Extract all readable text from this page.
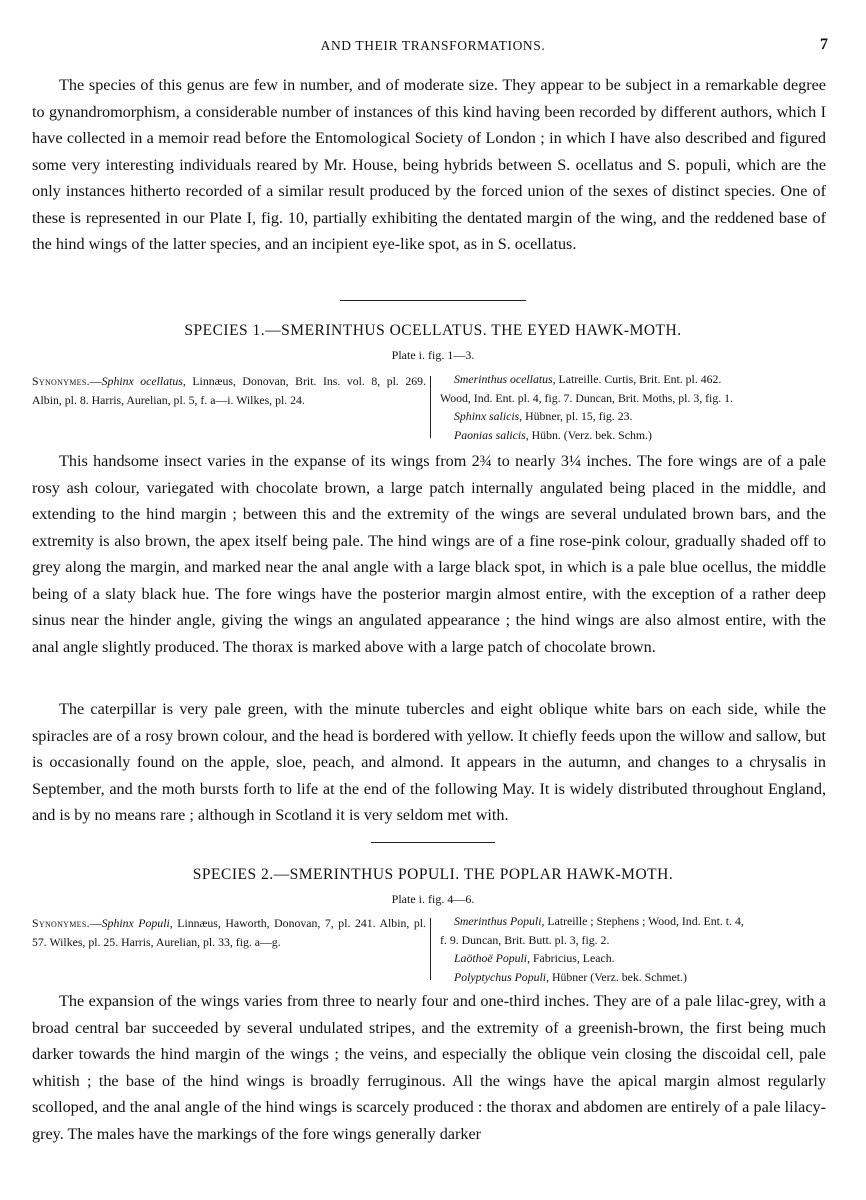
AND THEIR TRANSFORMATIONS.	7

The species of this genus are few in number, and of moderate size. They appear to be subject in a remarkable degree to gynandromorphism, a considerable number of instances of this kind having been recorded by different authors, which I have collected in a memoir read before the Entomological Society of London ; in which I have also described and figured some very interesting individuals reared by Mr. House, being hybrids between S. ocellatus and S. populi, which are the only instances hitherto recorded of a similar result produced by the forced union of the sexes of distinct species. One of these is represented in our Plate I, fig. 10, partially exhibiting the dentated margin of the wing, and the reddened base of the hind wings of the latter species, and an incipient eye-like spot, as in S. ocellatus.

SPECIES 1.—SMERINTHUS OCELLATUS. THE EYED HAWK-MOTH.
Plate i. fig. 1—3.

Synonymes.—Sphinx ocellatus, Linnæus, Donovan, Brit. Ins. vol. 8, pl. 269. Albin, pl. 8. Harris, Aurelian, pl. 5, f. a—i. Wilkes, pl. 24.

Smerinthus ocellatus, Latreille. Curtis, Brit. Ent. pl. 462.
Wood, Ind. Ent. pl. 4, fig. 7. Duncan, Brit. Moths, pl. 3, fig. 1.
Sphinx salicis, Hübner, pl. 15, fig. 23.
Paonias salicis, Hübn. (Verz. bek. Schm.)

This handsome insect varies in the expanse of its wings from 2¾ to nearly 3¼ inches. The fore wings are of a pale rosy ash colour, variegated with chocolate brown, a large patch internally angulated being placed in the middle, and extending to the hind margin ; between this and the extremity of the wings are several undulated brown bars, and the extremity is also brown, the apex itself being pale. The hind wings are of a fine rose-pink colour, gradually shaded off to grey along the margin, and marked near the anal angle with a large black spot, in which is a pale blue ocellus, the middle being of a slaty black hue. The fore wings have the posterior margin almost entire, with the exception of a rather deep sinus near the hinder angle, giving the wings an angulated appearance ; the hind wings are also almost entire, with the anal angle slightly produced. The thorax is marked above with a large patch of chocolate brown.

The caterpillar is very pale green, with the minute tubercles and eight oblique white bars on each side, while the spiracles are of a rosy brown colour, and the head is bordered with yellow. It chiefly feeds upon the willow and sallow, but is occasionally found on the apple, sloe, peach, and almond. It appears in the autumn, and changes to a chrysalis in September, and the moth bursts forth to life at the end of the following May. It is widely distributed throughout England, and is by no means rare ; although in Scotland it is very seldom met with.

SPECIES 2.—SMERINTHUS POPULI. THE POPLAR HAWK-MOTH.
Plate i. fig. 4—6.

Synonymes.—Sphinx Populi, Linnæus, Haworth, Donovan, 7, pl. 241. Albin, pl. 57. Wilkes, pl. 25. Harris, Aurelian, pl. 33, fig. a—g.

Smerinthus Populi, Latreille ; Stephens ; Wood, Ind. Ent. t. 4,
f. 9. Duncan, Brit. Butt. pl. 3, fig. 2.
Laöthoë Populi, Fabricius, Leach.
Polyptychus Populi, Hübner (Verz. bek. Schmet.)

The expansion of the wings varies from three to nearly four and one-third inches. They are of a pale lilac-grey, with a broad central bar succeeded by several undulated stripes, and the extremity of a greenish-brown, the first being much darker towards the hind margin of the wings ; the veins, and especially the oblique vein closing the discoidal cell, pale whitish ; the base of the hind wings is broadly ferruginous. All the wings have the apical margin almost regularly scolloped, and the anal angle of the hind wings is scarcely produced : the thorax and abdomen are entirely of a pale lilacy-grey. The males have the markings of the fore wings generally darker
